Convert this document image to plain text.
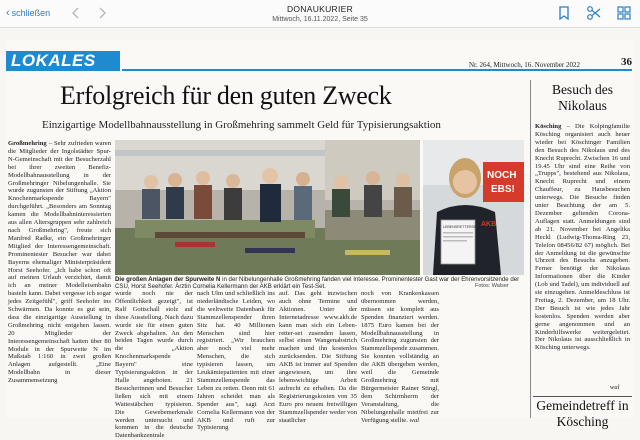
‹ schließen	DONAUKURIER
Mittwoch, 16.11.2022, Seite 35
LOKALES	Nr. 264, Mittwoch, 16. November 2022	36
Erfolgreich für den guten Zweck
Einzigartige Modellbahnausstellung in Großmehring sammelt Geld für Typisierungsaktion
Großmehring – Sehr zufrieden waren die Mitglieder der Ingolstädter Spur-N-Gemeinschaft mit der Besucherzahl bei ihrer zweiten Benefiz-Modellbahnausstellung in der Großmehringer Nibelungenhalle. Sie wurde zugunsten der Stiftung „Aktion Knochenmarkspende Bayern" durchgeführt. „Besonders am Sonntag kamen die Modellbahninteressierten aus allen Altersgruppen sehr zahlreich nach Großmehring", freute sich Manfred Radke, ein Großmehringer Mitglied der Interessengemeinschaft. Prominentester Besucher war dabei Bayerns ehemaliger Ministerpräsident Horst Seehofer. „Ich habe schon oft auf meinen Urlaub verzichtet, damit ich an meiner Modelleisenbahn basteln kann. Dabei vergesse ich sogar jedes Zeitgefühl", griff Seehofer ins Schwärmen. Da konnte es gut sein, dass die einzigartige Ausstellung in Großmehring nicht entgehen lassen. 20 Mitglieder der Interessengemeinschaft hatten über 80 Module in der Spurweite N im Maßstab 1:160 in zwei großen Anlagen aufgestellt. „Eine Modellbahn in dieser Zusammensetzung
NOCH
EBS!
LEBENSRETTERSET AKB
Die großen Anlagen der Spurweite N in der Nibelungenhalle Großmehring fanden viel Interesse. Prominentester Gast war der Ehrenvorsitzende der CSU, Horst Seehofer. Ärztin Cornelia Kellermann der AKB erklärt ein Test-Set.	Fotos: Walser
wurde noch nie der Öffentlichkeit gezeigt", ist Ralf Gottschall stolz auf diese Ausstellung. Nach dazu wurde sie für einen guten Zweck abgehalten. An den beiden Tagen wurde durch die „Aktion Knochenmarkspende Bayern" eine Typisierungsaktion in der Halle angeboten. 21 Besucherinnen und Besucher ließen sich mit einem Wattestäbchen typisieren. Die Gewebemerkmale werden untersucht und kommen in die deutsche Datenbankzentrale
nach Ulm und schließlich ins niederländische Leiden, wo die weltweite Datenbank für Stammzellenspender ihren Sitz hat. 40 Millionen Menschen sind hier registriert. „Wir brauchen aber noch viel mehr Menschen, die sich typisieren lassen, um Leukämiepatienten mit einer Stammzellenspende das Leben zu retten. Denn mit 61 Jahren scheidet man als Spender aus", sagt Arzt Cornelia Kellermann von der AKB und ruft zur Typisierung
auf. Das geht inzwischen auch ohne Termine und Aktionen. Unter der Internetadresse www.akb.de kann man sich ein Leben-retter-set zusenden lassen, selbst einen Wangenabstrich machen und ihn kostenlos zurücksenden. Die Stiftung AKB ist immer auf Spenden angewiesen, um ihre lebenswichtige Arbeit aufrecht zu erhalten. Da die Registrierungskosten von 35 Euro pro neuem freiwilligen Stammzellspender weder von staatlicher
noch von Krankenkassen übernommen werden, müssen sie komplett aus Spenden finanziert werden. 1875 Euro kamen bei der Modellbahnausstellung in Großmehring zugunsten der Stammzellspende zusammen. Sie konnten vollständig an die AKB übergeben werden, weil die Gemeinde Großmehring mit Bürgermeister Rainer Stingl, dem Schirmherrn der Veranstaltung, die Nibelungenhalle mietfrei zur Verfügung stellte. wal
Besuch des Nikolaus
Kösching – Die Kolpingfamilie Kösching organisiert auch heuer wieder bei Köschinger Familien den Besuch des Nikolaus und des Knecht Ruprecht. Zwischen 16 und 19.45 Uhr sind eine Reihe von „Trupps", bestehend aus Nikolaus, Knecht Ruprecht und einem Chauffeur, zu Hausbesuchen unterwegs. Die Besuche finden unter Beachtung der am 5. Dezember geltenden Corona-Auflagen statt. Anmeldungen sind ab 21. November bei Angelika Heckl (Ludwig-Thoma-Ring 23, Telefon 08456/82 67) möglich. Bei der Anmeldung ist die gewünschte Uhrzeit des Besuchs anzugeben. Ferner benötigt der Nikolaus Informationen über die Kinder (Lob und Tadel), um individuell auf sie einzugehen. Anmeldeschluss ist Freitag, 2. Dezember, um 18 Uhr. Der Besuch ist wie jedes Jahr kostenlos. Spenden werden aber gerne angenommen und an Kinderhilfswerke weitergeleitet. Der Nikolaus ist ausschließlich in Kösching unterwegs.
wal
Gemeindetreff in Kösching
